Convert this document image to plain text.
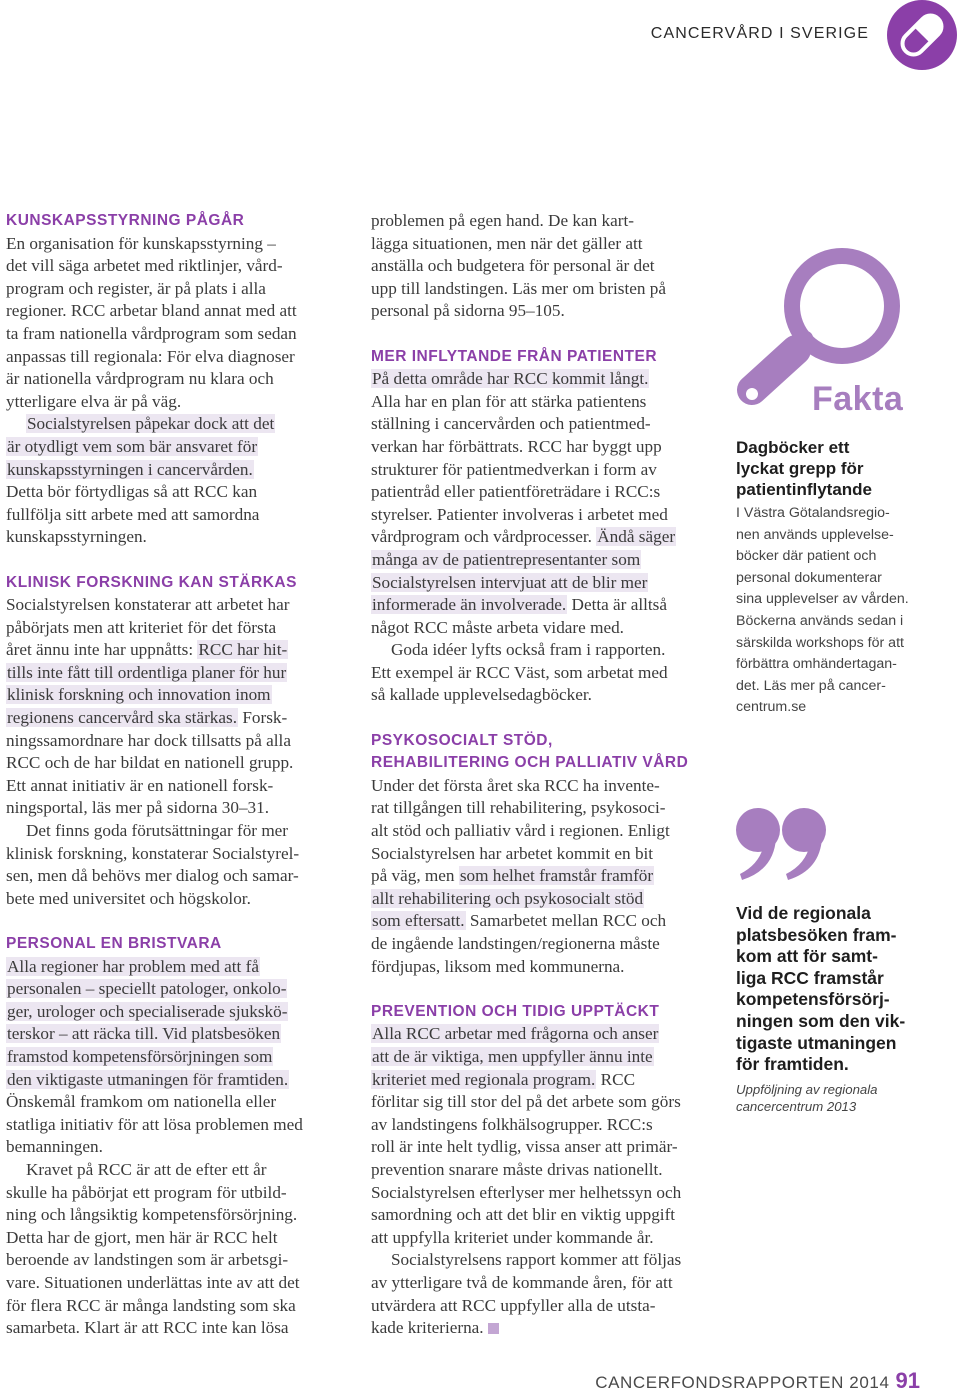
CANCERVÅRD I SVERIGE
KUNSKAPSSTYRNING PÅGÅR

En organisation för kunskapsstyrning –
det vill säga arbetet med riktlinjer, vård-
program och register, är på plats i alla
regioner. RCC arbetar bland annat med att
ta fram nationella vårdprogram som sedan
anpassas till regionala: För elva diagnoser
är nationella vårdprogram nu klara och
ytterligare elva är på väg.

Socialstyrelsen påpekar dock att det
är otydligt vem som bär ansvaret för
kunskapsstyrningen i cancervården.
Detta bör förtydligas så att RCC kan
fullfölja sitt arbete med att samordna
kunskapsstyrningen.

KLINISK FORSKNING KAN STÄRKAS

Socialstyrelsen konstaterar att arbetet har
påbörjats men att kriteriet för det första
året ännu inte har uppnåtts: RCC har hit-
tills inte fått till ordentliga planer för hur
klinisk forskning och innovation inom
regionens cancervård ska stärkas. Forsk-
ningssamordnare har dock tillsatts på alla
RCC och de har bildat en nationell grupp.
Ett annat initiativ är en nationell forsk-
ningsportal, läs mer på sidorna 30–31.

Det finns goda förutsättningar för mer
klinisk forskning, konstaterar Socialstyrel-
sen, men då behövs mer dialog och samar-
bete med universitet och högskolor.

PERSONAL EN BRISTVARA

Alla regioner har problem med att få
personalen – speciellt patologer, onkolo-
ger, urologer och specialiserade sjukskö-
terskor – att räcka till. Vid platsbesöken
framstod kompetensförsörjningen som
den viktigaste utmaningen för framtiden.
Önskemål framkom om nationella eller
statliga initiativ för att lösa problemen med
bemanningen.

Kravet på RCC är att de efter ett år
skulle ha påbörjat ett program för utbild-
ning och långsiktig kompetensförsörjning.
Detta har de gjort, men här är RCC helt
beroende av landstingen som är arbetsgi-
vare. Situationen underlättas inte av att det
för flera RCC är många landsting som ska
samarbeta. Klart är att RCC inte kan lösa

problemen på egen hand. De kan kart-
lägga situationen, men när det gäller att
anställa och budgetera för personal är det
upp till landstingen. Läs mer om bristen på
personal på sidorna 95–105.

MER INFLYTANDE FRÅN PATIENTER

På detta område har RCC kommit långt.
Alla har en plan för att stärka patientens
ställning i cancervården och patientmed-
verkan har förbättrats. RCC har byggt upp
strukturer för patientmedverkan i form av
patientråd eller patientföreträdare i RCC:s
styrelser. Patienter involveras i arbetet med
vårdprogram och vårdprocesser. Ändå säger
många av de patientrepresentanter som
Socialstyrelsen intervjuat att de blir mer
informerade än involverade. Detta är alltså
något RCC måste arbeta vidare med.

Goda idéer lyfts också fram i rapporten.
Ett exempel är RCC Väst, som arbetat med
så kallade upplevelsedagböcker.

PSYKOSOCIALT STÖD,
REHABILITERING OCH PALLIATIV VÅRD

Under det första året ska RCC ha invente-
rat tillgången till rehabilitering, psykosoci-
alt stöd och palliativ vård i regionen. Enligt
Socialstyrelsen har arbetet kommit en bit
på väg, men som helhet framstår framför
allt rehabilitering och psykosocialt stöd
som eftersatt. Samarbetet mellan RCC och
de ingående landstingen/regionerna måste
fördjupas, liksom med kommunerna.

PREVENTION OCH TIDIG UPPTÄCKT

Alla RCC arbetar med frågorna och anser
att de är viktiga, men uppfyller ännu inte
kriteriet med regionala program. RCC
förlitar sig till stor del på det arbete som görs
av landstingens folkhälsogrupper. RCC:s
roll är inte helt tydlig, vissa anser att primär-
prevention snarare måste drivas nationellt.
Socialstyrelsen efterlyser mer helhetssyn och
samordning och att det blir en viktig uppgift
att uppfylla kriteriet under kommande år.

Socialstyrelsens rapport kommer att följas
av ytterligare två de kommande åren, för att
utvärdera att RCC uppfyller alla de utsta-
kade kriterierna.

Fakta
Dagböcker ett
lyckat grepp för
patientinflytande
I Västra Götalandsregio-
nen används upplevelse-
böcker där patient och
personal dokumenterar
sina upplevelser av vården.
Böckerna används sedan i
särskilda workshops för att
förbättra omhändertagan-
det. Läs mer på cancer-
centrum.se
Vid de regionala
platsbesöken fram-
kom att för samt-
liga RCC framstår
kompetensförsörj-
ningen som den vik-
tigaste utmaningen
för framtiden.
Uppföljning av regionala
cancercentrum 2013
CANCERFONDSRAPPORTEN 2014 91
